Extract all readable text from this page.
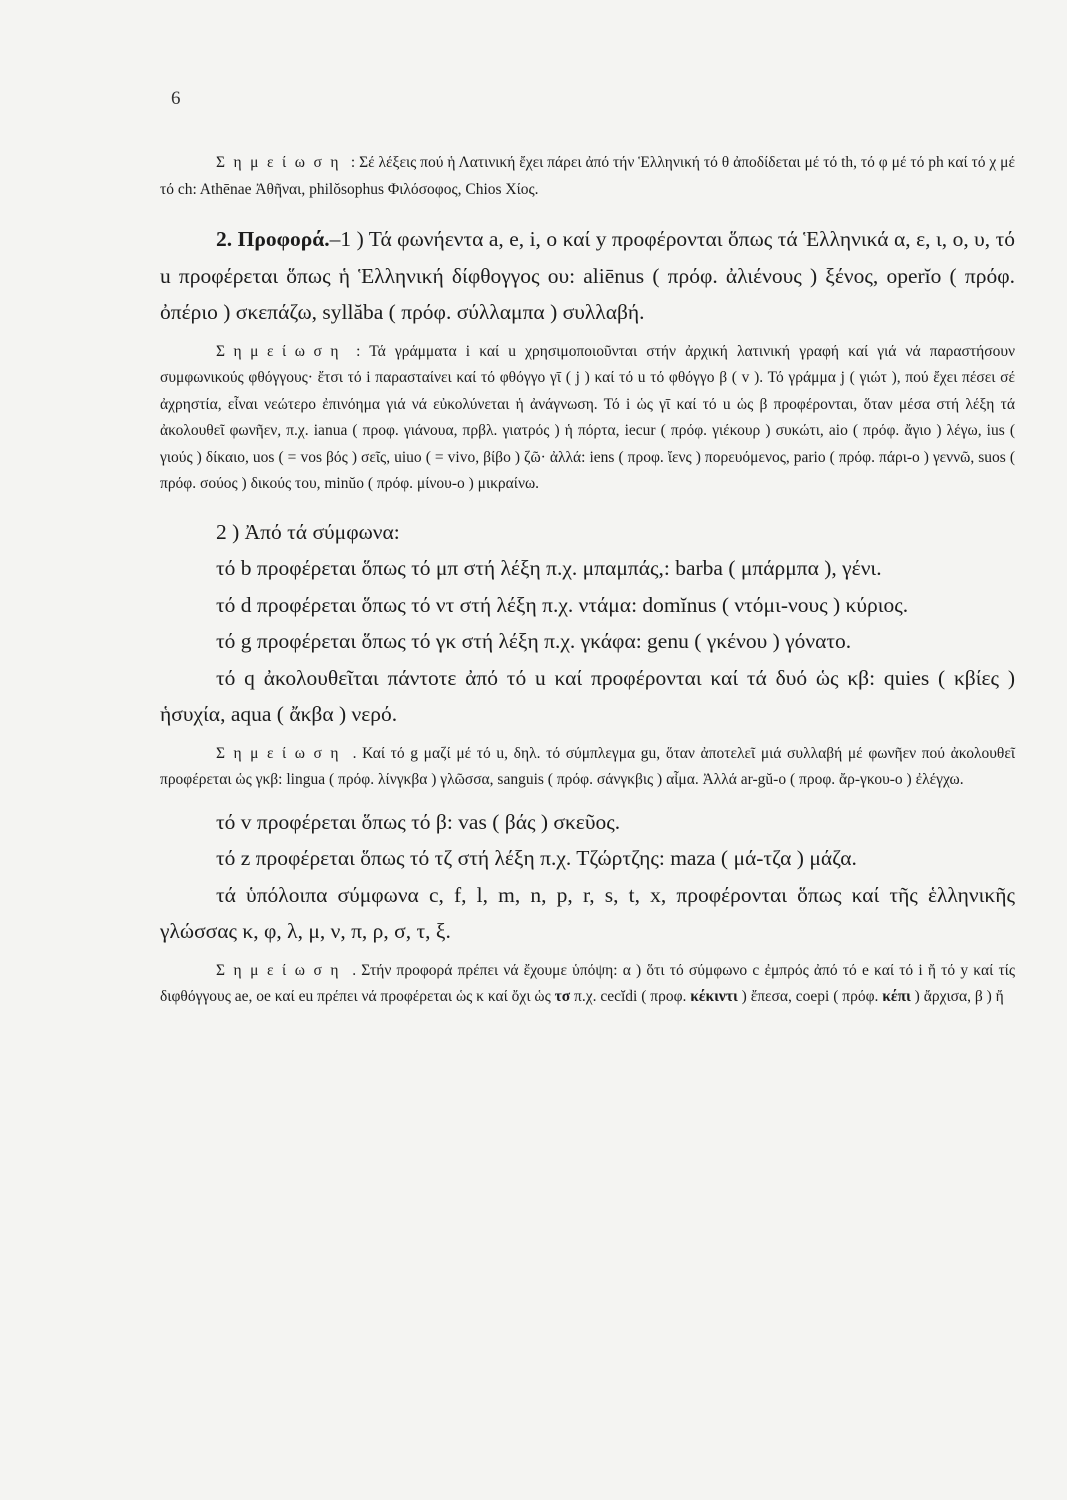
6

Σημείωση : Σέ λέξεις πού ἡ Λατινική ἔχει πάρει ἀπό τήν Ἑλληνική τό θ ἀποδίδεται μέ τό th, τό φ μέ τό ph καί τό χ μέ τό ch: Athēnae Ἀθῆναι, philŏsophus Φιλόσοφος, Chios Χίος.

2. Προφορά.–1 ) Τά φωνήεντα a, e, i, o καί y προφέρονται ὅπως τά Ἑλληνικά α, ε, ι, ο, υ, τό u προφέρεται ὅπως ἡ Ἑλληνική δίφθογγος ου: aliēnus ( πρόφ. ἀλιένους ) ξένος, operĭo ( πρόφ. ὀπέριο ) σκεπάζω, syllăba ( πρόφ. σύλλαμπα ) συλλαβή.

Σημείωση : Τά γράμματα i καί u χρησιμοποιοῦνται στήν ἀρχική λατινική γραφή καί γιά νά παραστήσουν συμφωνικούς φθόγγους· ἔτσι τό i παρασταίνει καί τό φθόγγο γῑ ( j ) καί τό u τό φθόγγο β ( v ). Τό γράμμα j ( γιώτ ), πού ἔχει πέσει σέ ἀχρηστία, εἶναι νεώτερο ἐπινόημα γιά νά εὐκολύνεται ἡ ἀνάγνωση. Τό i ὡς γῑ καί τό u ὡς β προφέρονται, ὅταν μέσα στή λέξη τά ἀκολουθεῖ φωνῆεν, π.χ. ianua ( προφ. γιάνουα, πρβλ. γιατρός ) ἡ πόρτα, iecur ( πρόφ. γιέκουρ ) συκώτι, aio ( πρόφ. ἄγιο ) λέγω, ius ( γιούς ) δίκαιο, uos ( = vos βός ) σεῖς, uiuo ( = vivo, βίβο ) ζῶ· ἀλλά: iens ( προφ. ἴενς ) πορευόμενος, pario ( πρόφ. πάρι-ο ) γεννῶ, suos ( πρόφ. σούος ) δικούς του, minŭo ( πρόφ. μίνου-ο ) μικραίνω.

2 ) Ἀπό τά σύμφωνα:

τό b προφέρεται ὅπως τό μπ στή λέξη π.χ. μπαμπάς,: barba ( μπάρμπα ), γένι.

τό d προφέρεται ὅπως τό ντ στή λέξη π.χ. ντάμα: domĭnus ( ντόμι-νους ) κύριος.

τό g προφέρεται ὅπως τό γκ στή λέξη π.χ. γκάφα: genu ( γκένου ) γόνατο.

τό q ἀκολουθεῖται πάντοτε ἀπό τό u καί προφέρονται καί τά δυό ὡς κβ: quies ( κβίες ) ἡσυχία, aqua ( ἄκβα ) νερό.

Σημείωση . Καί τό g μαζί μέ τό u, δηλ. τό σύμπλεγμα gu, ὅταν ἀποτελεῖ μιά συλλαβή μέ φωνῆεν πού ἀκολουθεῖ προφέρεται ὡς γκβ: lingua ( πρόφ. λίνγκβα ) γλῶσσα, sanguis ( πρόφ. σάνγκβις ) αἷμα. Ἀλλά ar-gŭ-o ( προφ. ἄρ-γκου-ο ) ἐλέγχω.

τό v προφέρεται ὅπως τό β: vas ( βάς ) σκεῦος.

τό z προφέρεται ὅπως τό τζ στή λέξη π.χ. Τζώρτζης: maza ( μά-τζα ) μάζα.

τά ὑπόλοιπα σύμφωνα c, f, l, m, n, p, r, s, t, x, προφέρονται ὅπως καί τῆς ἑλληνικῆς γλώσσας κ, φ, λ, μ, ν, π, ρ, σ, τ, ξ.

Σημείωση . Στήν προφορά πρέπει νά ἔχουμε ὑπόψη: α ) ὅτι τό σύμφωνο c ἐμπρός ἀπό τό e καί τό i ἤ τό y καί τίς διφθόγγους ae, oe καί eu πρέπει νά προφέρεται ὡς κ καί ὄχι ὡς τσ π.χ. cecĭdi ( προφ. κέκιντι ) ἔπεσα, coepi ( πρόφ. κέπι ) ἄρχισα, β ) ἤ
